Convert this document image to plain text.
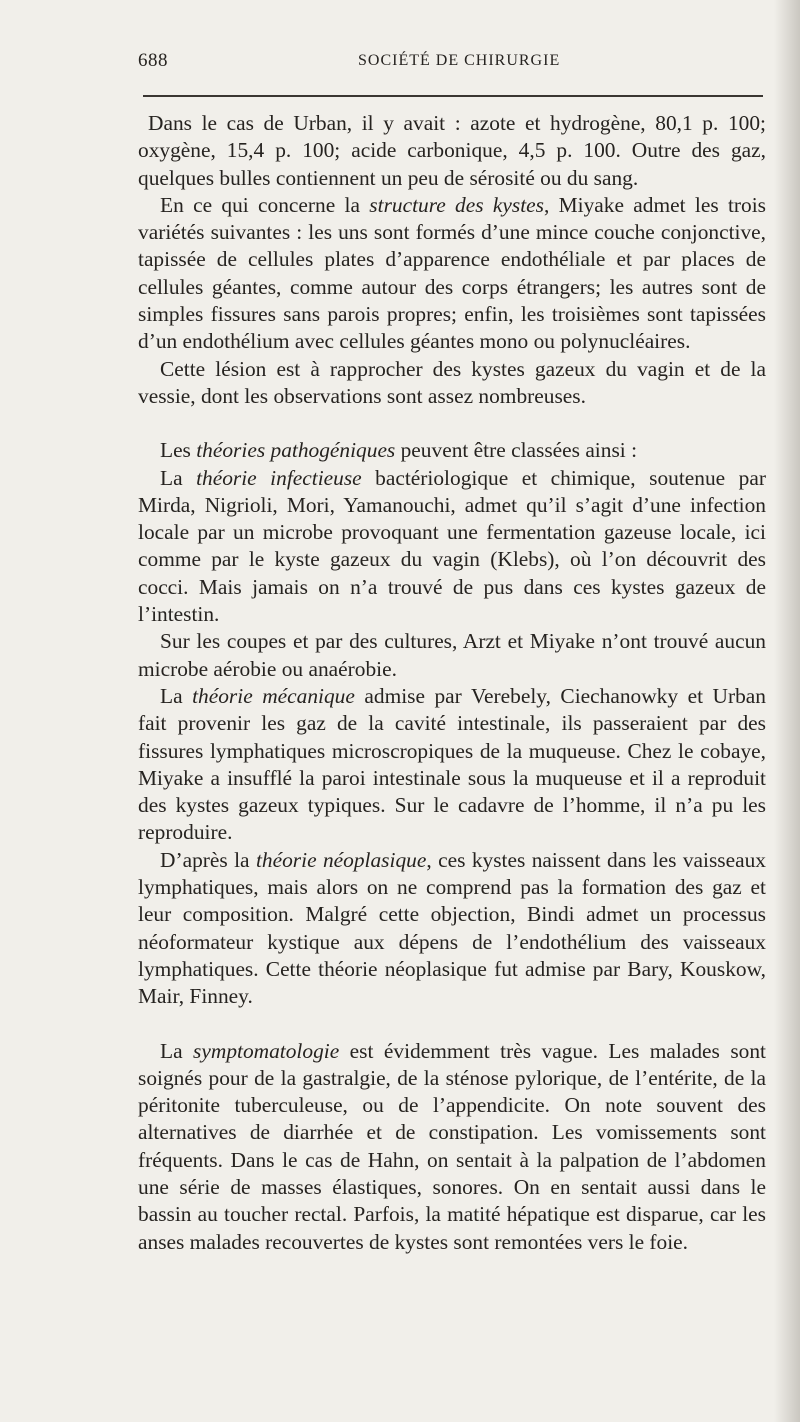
688	SOCIÉTÉ DE CHIRURGIE

Dans le cas de Urban, il y avait : azote et hydrogène, 80,1 p. 100; oxygène, 15,4 p. 100; acide carbonique, 4,5 p. 100. Outre des gaz, quelques bulles contiennent un peu de sérosité ou du sang.

En ce qui concerne la structure des kystes, Miyake admet les trois variétés suivantes : les uns sont formés d’une mince couche conjonctive, tapissée de cellules plates d’apparence endothéliale et par places de cellules géantes, comme autour des corps étrangers; les autres sont de simples fissures sans parois propres; enfin, les troisièmes sont tapissées d’un endothélium avec cellules géantes mono ou polynucléaires.

Cette lésion est à rapprocher des kystes gazeux du vagin et de la vessie, dont les observations sont assez nombreuses.

Les théories pathogéniques peuvent être classées ainsi :

La théorie infectieuse bactériologique et chimique, soutenue par Mirda, Nigrioli, Mori, Yamanouchi, admet qu’il s’agit d’une infection locale par un microbe provoquant une fermentation gazeuse locale, ici comme par le kyste gazeux du vagin (Klebs), où l’on découvrit des cocci. Mais jamais on n’a trouvé de pus dans ces kystes gazeux de l’intestin.

Sur les coupes et par des cultures, Arzt et Miyake n’ont trouvé aucun microbe aérobie ou anaérobie.

La théorie mécanique admise par Verebely, Ciechanowky et Urban fait provenir les gaz de la cavité intestinale, ils passeraient par des fissures lymphatiques microscropiques de la muqueuse. Chez le cobaye, Miyake a insufflé la paroi intestinale sous la muqueuse et il a reproduit des kystes gazeux typiques. Sur le cadavre de l’homme, il n’a pu les reproduire.

D’après la théorie néoplasique, ces kystes naissent dans les vaisseaux lymphatiques, mais alors on ne comprend pas la formation des gaz et leur composition. Malgré cette objection, Bindi admet un processus néoformateur kystique aux dépens de l’endothélium des vaisseaux lymphatiques. Cette théorie néoplasique fut admise par Bary, Kouskow, Mair, Finney.

La symptomatologie est évidemment très vague. Les malades sont soignés pour de la gastralgie, de la sténose pylorique, de l’entérite, de la péritonite tuberculeuse, ou de l’appendicite. On note souvent des alternatives de diarrhée et de constipation. Les vomissements sont fréquents. Dans le cas de Hahn, on sentait à la palpation de l’abdomen une série de masses élastiques, sonores. On en sentait aussi dans le bassin au toucher rectal. Parfois, la matité hépatique est disparue, car les anses malades recouvertes de kystes sont remontées vers le foie.
